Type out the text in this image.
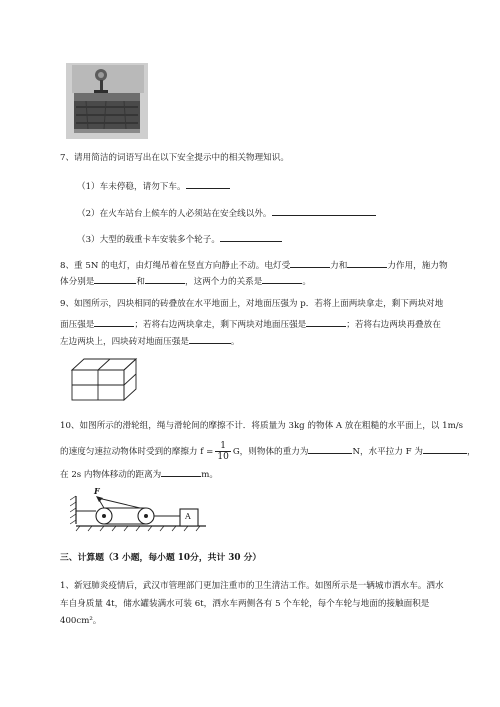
7、请用简洁的词语写出在以下安全提示中的相关物理知识。
（1）车未停稳，请勿下车。
（2）在火车站台上候车的人必须站在安全线以外。
（3）大型的载重卡车安装多个轮子。
8、重 5N 的电灯，由灯绳吊着在竖直方向静止不动。电灯受	力和	力作用，施力物
体分别是	和	，这两个力的关系是	。
9、如图所示，四块相同的砖叠放在水平地面上，对地面压强为 p．若将上面两块拿走，剩下两块对地
面压强是	；若将右边两块拿走，剩下两块对地面压强是	；若将右边两块再叠放在
左边两块上，四块砖对地面压强是	。
10、如图所示的滑轮组，绳与滑轮间的摩擦不计．将质量为 3kg 的物体 A 放在粗糙的水平面上，以 1m/s
的速度匀速拉动物体时受到的摩擦力 $f = \frac{1}{10}$ G，则物体的重力为	N，水平拉力 F 为	，
在 2s 内物体移动的距离为	m。
F
A
三、计算题（3 小题，每小题 10分，共计 30 分）
1、新冠肺炎疫情后，武汉市管理部门更加注重市的卫生清洁工作。如图所示是一辆城市洒水车。洒水
车自身质量 4t，储水罐装满水可装 6t，洒水车两侧各有 5 个车轮，每个车轮与地面的接触面积是
400cm²。
